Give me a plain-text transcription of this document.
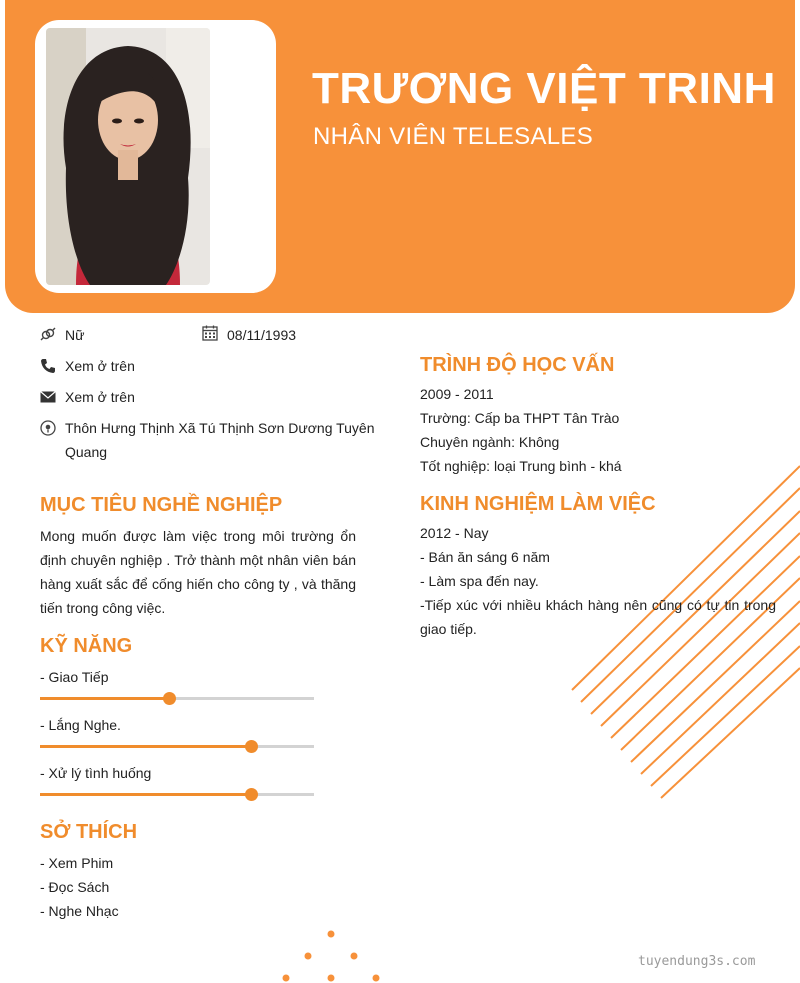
TRƯƠNG VIỆT TRINH
NHÂN VIÊN TELESALES
Nữ	08/11/1993
Xem ở trên
Xem ở trên
Thôn Hưng Thịnh Xã Tú Thịnh Sơn Dương Tuyên
Quang
MỤC TIÊU NGHỀ NGHIỆP
Mong muốn được làm việc trong môi trường ổn
định chuyên nghiệp . Trở thành một nhân viên bán
hàng xuất sắc để cống hiến cho công ty , và thăng
tiến trong công việc.
KỸ NĂNG
- Giao Tiếp
- Lắng Nghe.
- Xử lý tình huống
SỞ THÍCH
- Xem Phim
- Đọc Sách
- Nghe Nhạc
TRÌNH ĐỘ HỌC VẤN
2009 - 2011
Trường: Cấp ba THPT Tân Trào
Chuyên ngành: Không
Tốt nghiệp: loại Trung bình - khá
KINH NGHIỆM LÀM VIỆC
2012 - Nay
- Bán ăn sáng 6 năm
- Làm spa đến nay.
-Tiếp xúc với nhiều khách hàng nên cũng có tự tin trong
giao tiếp.
tuyendung3s.com
